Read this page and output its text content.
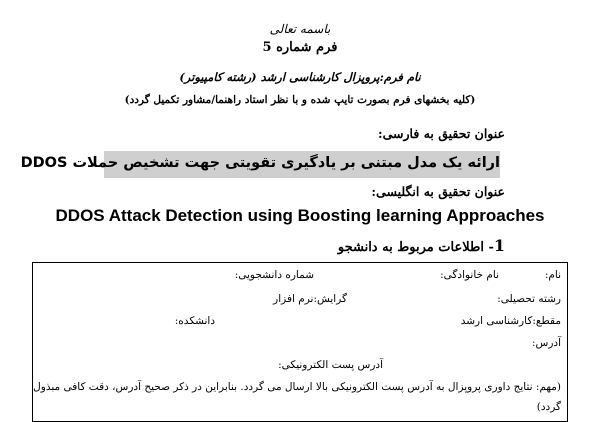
باسمه تعالی
فرم شماره 5
نام فرم:پروپزال کارشناسی ارشد (رشته کامپیوتر)
(کلیه بخشهای فرم بصورت تایپ شده و با نظر استاد راهنما/مشاور تکمیل گردد)
عنوان تحقیق به فارسی:
ارائه یک مدل مبتنی بر یادگیری تقویتی جهت تشخیص حملات DDOS
عنوان تحقیق به انگلیسی:
DDOS Attack Detection using Boosting learning Approaches
1- اطلاعات مربوط به دانشجو
نام:
نام خانوادگی:
شماره دانشجویی:
رشته تحصیلی:
گرایش:نرم افزار
مقطع:کارشناسی ارشد
دانشکده:
آدرس:
آدرس پست الکترونیکی:
(مهم: نتایج داوری پروپزال به آدرس پست الکترونیکی بالا ارسال می گردد. بنابراین در ذکر صحیح آدرس، دقت کافی مبذول
گردد)
